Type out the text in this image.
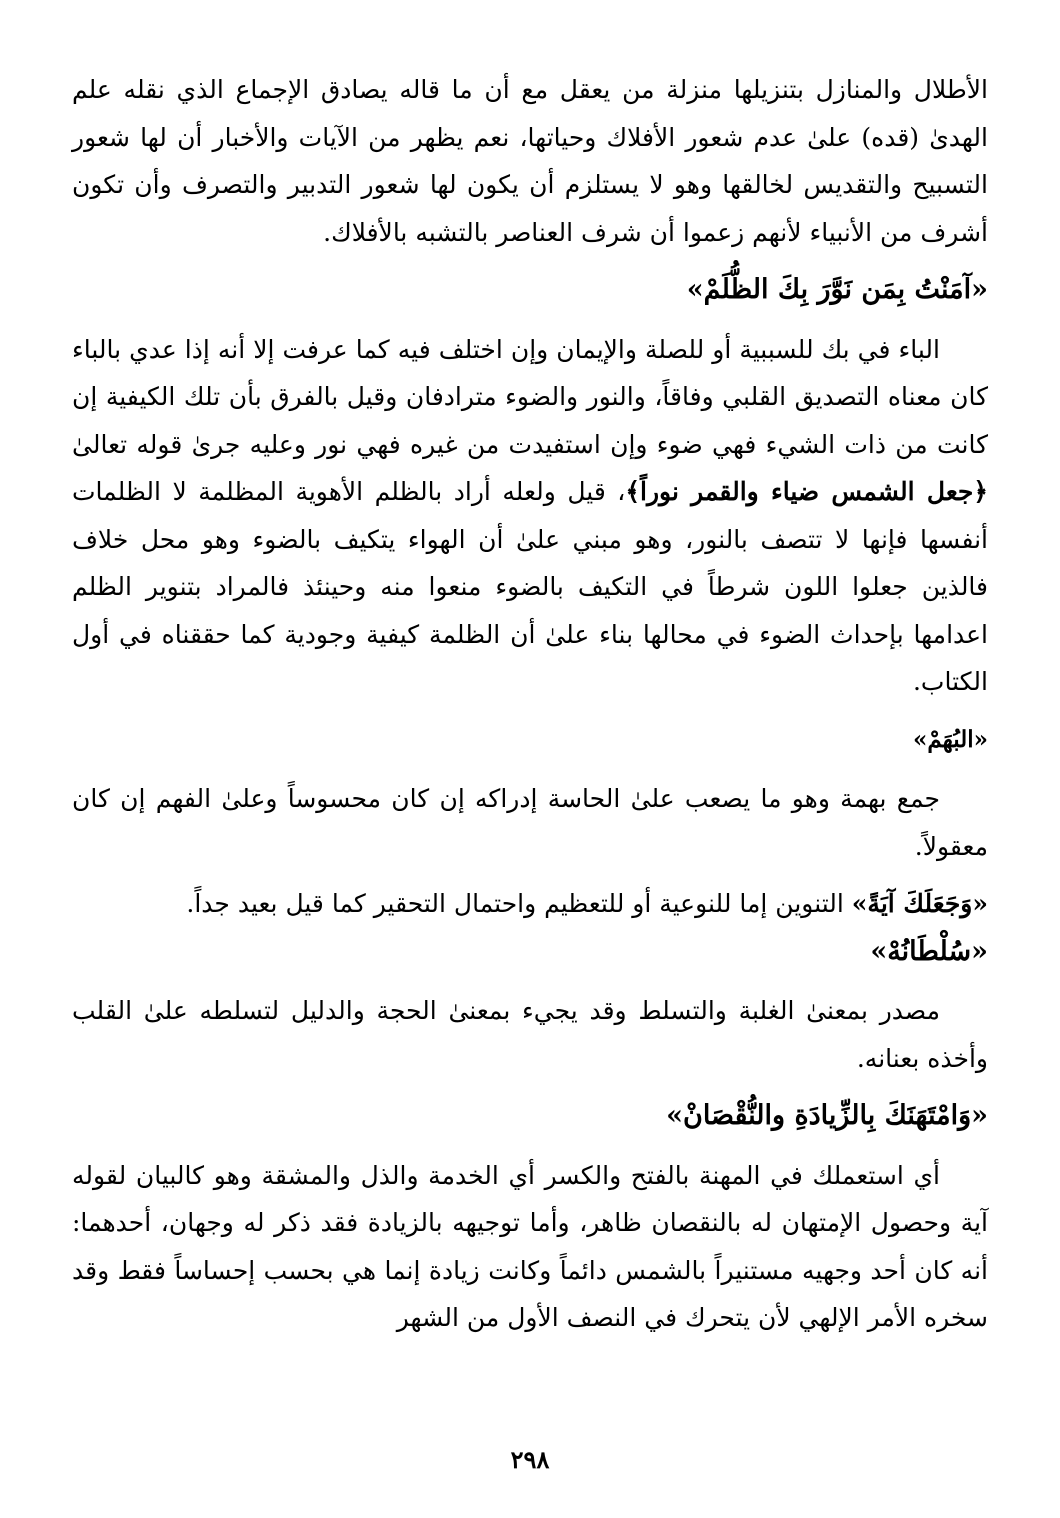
الأطلال والمنازل بتنزيلها منزلة من يعقل مع أن ما قاله يصادق الإجماع الذي نقله علم الهدىٰ (قده) علىٰ عدم شعور الأفلاك وحياتها، نعم يظهر من الآيات والأخبار أن لها شعور التسبيح والتقديس لخالقها وهو لا يستلزم أن يكون لها شعور التدبير والتصرف وأن تكون أشرف من الأنبياء لأنهم زعموا أن شرف العناصر بالتشبه بالأفلاك.

«آمَنْتُ بِمَن نَوَّرَ بِكَ الظُّلَمْ»

الباء في بك للسببية أو للصلة والإيمان وإن اختلف فيه كما عرفت إلا أنه إذا عدي بالباء كان معناه التصديق القلبي وفاقاً، والنور والضوء مترادفان وقيل بالفرق بأن تلك الكيفية إن كانت من ذات الشيء فهي ضوء وإن استفيدت من غيره فهي نور وعليه جرىٰ قوله تعالىٰ ﴿جعل الشمس ضياء والقمر نوراً﴾، قيل ولعله أراد بالظلم الأهوية المظلمة لا الظلمات أنفسها فإنها لا تتصف بالنور، وهو مبني علىٰ أن الهواء يتكيف بالضوء وهو محل خلاف فالذين جعلوا اللون شرطاً في التكيف بالضوء منعوا منه وحينئذ فالمراد بتنوير الظلم اعدامها بإحداث الضوء في محالها بناء علىٰ أن الظلمة كيفية وجودية كما حققناه في أول الكتاب.

«البُهَمْ»

جمع بهمة وهو ما يصعب علىٰ الحاسة إدراكه إن كان محسوساً وعلىٰ الفهم إن كان معقولاً.

«وَجَعَلَكَ آيَةً» التنوين إما للنوعية أو للتعظيم واحتمال التحقير كما قيل بعيد جداً.

«سُلْطَانُهْ»

مصدر بمعنىٰ الغلبة والتسلط وقد يجيء بمعنىٰ الحجة والدليل لتسلطه علىٰ القلب وأخذه بعنانه.

«وَامْتَهَنَكَ بِالزِّيادَةِ والنُّقْصَانْ»

أي استعملك في المهنة بالفتح والكسر أي الخدمة والذل والمشقة وهو كالبيان لقوله آية وحصول الإمتهان له بالنقصان ظاهر، وأما توجيهه بالزيادة فقد ذكر له وجهان، أحدهما: أنه كان أحد وجهيه مستنيراً بالشمس دائماً وكانت زيادة إنما هي بحسب إحساساً فقط وقد سخره الأمر الإلهي لأن يتحرك في النصف الأول من الشهر

٢٩٨
